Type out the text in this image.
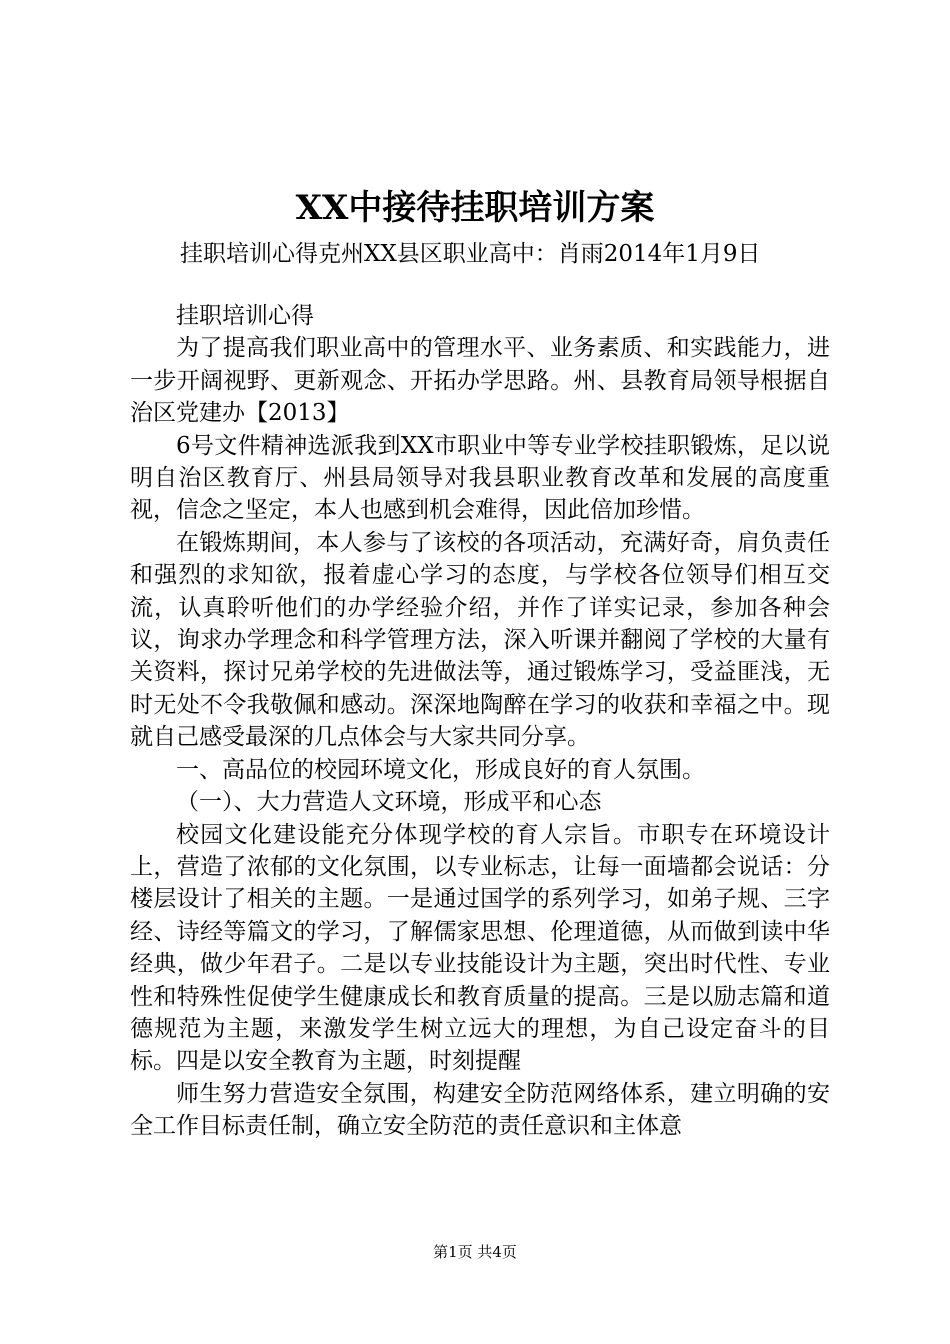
XX中接待挂职培训方案
挂职培训心得克州XX县区职业高中：肖雨2014年1月9日

挂职培训心得

为了提高我们职业高中的管理水平、业务素质、和实践能力，进一步开阔视野、更新观念、开拓办学思路。州、县教育局领导根据自治区党建办【2013】

6号文件精神选派我到XX市职业中等专业学校挂职锻炼，足以说明自治区教育厅、州县局领导对我县职业教育改革和发展的高度重视，信念之坚定，本人也感到机会难得，因此倍加珍惜。

在锻炼期间，本人参与了该校的各项活动，充满好奇，肩负责任和强烈的求知欲，报着虚心学习的态度，与学校各位领导们相互交流，认真聆听他们的办学经验介绍，并作了详实记录，参加各种会议，询求办学理念和科学管理方法，深入听课并翻阅了学校的大量有关资料，探讨兄弟学校的先进做法等，通过锻炼学习，受益匪浅，无时无处不令我敬佩和感动。深深地陶醉在学习的收获和幸福之中。现就自己感受最深的几点体会与大家共同分享。

一、高品位的校园环境文化，形成良好的育人氛围。

（一）、大力营造人文环境，形成平和心态

校园文化建设能充分体现学校的育人宗旨。市职专在环境设计上，营造了浓郁的文化氛围，以专业标志，让每一面墙都会说话：分楼层设计了相关的主题。一是通过国学的系列学习，如弟子规、三字经、诗经等篇文的学习，了解儒家思想、伦理道德，从而做到读中华经典，做少年君子。二是以专业技能设计为主题，突出时代性、专业性和特殊性促使学生健康成长和教育质量的提高。三是以励志篇和道德规范为主题，来激发学生树立远大的理想，为自己设定奋斗的目标。四是以安全教育为主题，时刻提醒

师生努力营造安全氛围，构建安全防范网络体系，建立明确的安全工作目标责任制，确立安全防范的责任意识和主体意

第1页 共4页
